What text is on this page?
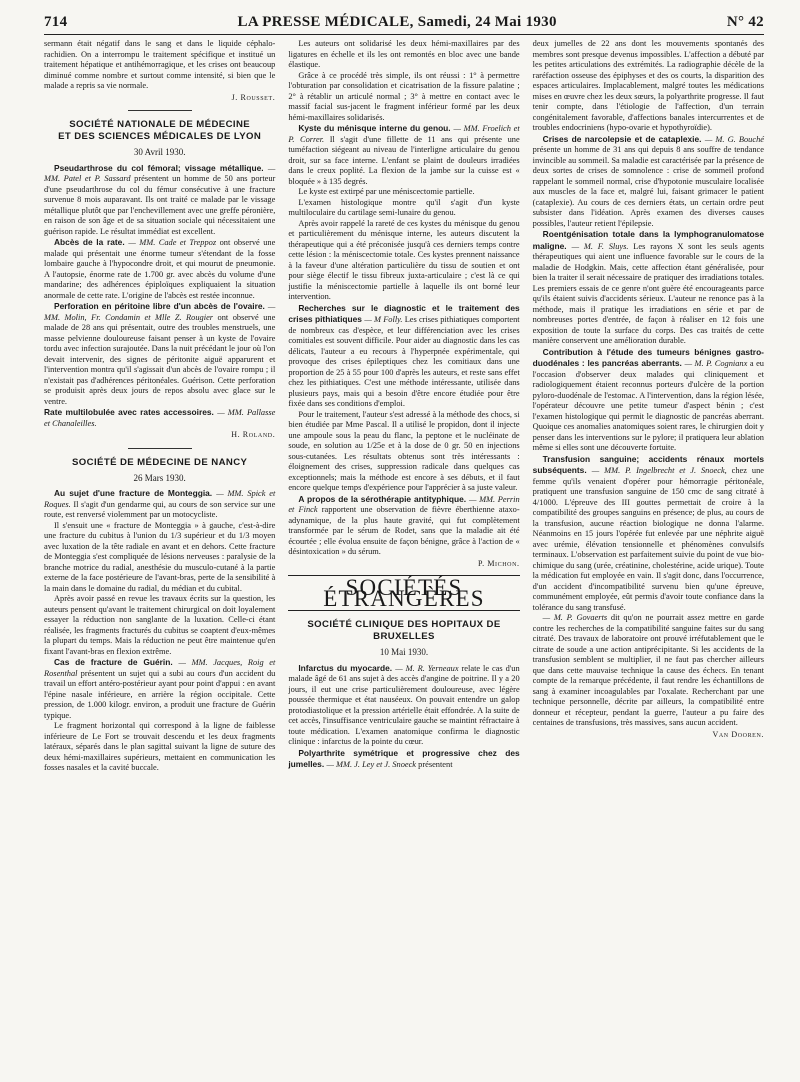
714	LA PRESSE MÉDICALE, Samedi, 24 Mai 1930	N° 42

sermann était négatif dans le sang et dans le liquide céphalo-rachidien. On a interrompu le traitement spécifique et institué un traitement hépatique et antihémorragique, et les crises ont beaucoup diminué comme nombre et surtout comme intensité, si bien que le malade a repris sa vie normale.

J. Rousset.
SOCIÉTÉ NATIONALE DE MÉDECINE
ET DES SCIENCES MÉDICALES DE LYON
30 Avril 1930.

Pseudarthrose du col fémoral; vissage métallique. — MM. Patel et P. Sassard présentent un homme de 50 ans porteur d'une pseudarthrose du col du fémur consécutive à une fracture survenue 8 mois auparavant. Ils ont traité ce malade par le vissage métallique plutôt que par l'enchevillement avec une greffe péronière, en raison de son âge et de sa situation sociale qui nécessitaient une guérison rapide. Le résultat immédiat est excellent.

Abcès de la rate. — MM. Cade et Treppoz ont observé une malade qui présentait une énorme tumeur s'étendant de la fosse lombaire gauche à l'hypocondre droit, et qui mourut de pneumonie. A l'autopsie, énorme rate de 1.700 gr. avec abcès du volume d'une mandarine; des adhérences épiploïques expliquaient la situation anormale de cette rate. L'origine de l'abcès est restée inconnue.

Perforation en péritoine libre d'un abcès de l'ovaire. — MM. Molin, Fr. Condamin et Mlle Z. Rougier ont observé une malade de 28 ans qui présentait, outre des troubles menstruels, une masse pelvienne douloureuse faisant penser à un kyste de l'ovaire tordu avec infection surajoutée. Dans la nuit précédant le jour où l'on devait intervenir, des signes de péritonite aiguë apparurent et l'intervention montra qu'il s'agissait d'un abcès de l'ovaire rompu ; il n'existait pas d'adhérences péritonéales. Guérison. Cette perforation se produisit après deux jours de repos absolu avec glace sur le ventre.

Rate multilobulée avec rates accessoires. — MM. Pallasse et Chanaleilles.

H. Roland.
SOCIÉTÉ DE MÉDECINE DE NANCY
26 Mars 1930.

Au sujet d'une fracture de Monteggia. — MM. Spick et Roques. Il s'agit d'un gendarme qui, au cours de son service sur une route, est renversé violemment par un motocycliste.

Il s'ensuit une « fracture de Monteggia » à gauche, c'est-à-dire une fracture du cubitus à l'union du 1/3 supérieur et du 1/3 moyen avec luxation de la tête radiale en avant et en dehors. Cette fracture de Monteggia s'est compliquée de lésions nerveuses : paralysie de la branche motrice du radial, anesthésie du musculo-cutané à la partie externe de la face postérieure de l'avant-bras, perte de la sensibilité à la main dans le domaine du radial, du médian et du cubital.

Après avoir passé en revue les travaux écrits sur la question, les auteurs pensent qu'avant le traitement chirurgical on doit loyalement essayer la réduction non sanglante de la luxation. Celle-ci étant réalisée, les fragments fracturés du cubitus se coaptent d'eux-mêmes la plupart du temps. Mais la réduction ne peut être maintenue qu'en fixant l'avant-bras en flexion extrême.

Cas de fracture de Guérin. — MM. Jacques, Roig et Rosenthal présentent un sujet qui a subi au cours d'un accident du travail un effort antéro-postérieur ayant pour point d'appui : en avant l'épine nasale inférieure, en arrière la région occipitale. Cette pression, de 1.000 kilogr. environ, a produit une fracture de Guérin typique.

Le fragment horizontal qui correspond à la ligne de faiblesse inférieure de Le Fort se trouvait descendu et les deux fragments latéraux, séparés dans le plan sagittal suivant la ligne de suture des deux hémi-maxillaires supérieurs, mettaient en communication les fosses nasales et la cavité buccale.

Les auteurs ont solidarisé les deux hémi-maxillaires par des ligatures en échelle et ils les ont remontés en bloc avec une bande élastique.

Grâce à ce procédé très simple, ils ont réussi : 1° à permettre l'obturation par consolidation et cicatrisation de la fissure palatine ; 2° à rétablir un articulé normal ; 3° à mettre en contact avec le massif facial sus-jacent le fragment inférieur formé par les deux hémi-maxillaires solidarisés.

Kyste du ménisque interne du genou. — MM. Froelich et P. Correr. Il s'agit d'une fillette de 11 ans qui présente une tuméfaction siégeant au niveau de l'interligne articulaire du genou droit, sur sa face interne. L'enfant se plaint de douleurs irradiées dans le creux poplité. La flexion de la jambe sur la cuisse est « bloquée » à 135 degrés.

Le kyste est extirpé par une méniscectomie partielle.

L'examen histologique montre qu'il s'agit d'un kyste multiloculaire du cartilage semi-lunaire du genou.

Après avoir rappelé la rareté de ces kystes du ménisque du genou et particulièrement du ménisque interne, les auteurs discutent la thérapeutique qui a été préconisée jusqu'à ces derniers temps contre cette lésion : la méniscectomie totale. Ces kystes prennent naissance à la faveur d'une altération particulière du tissu de soutien et ont pour siège électif le tissu fibreux juxta-articulaire ; c'est là ce qui justifie la méniscectomie partielle à laquelle ils ont borné leur intervention.

Recherches sur le diagnostic et le traitement des crises pithiatiques — M Folly. Les crises pithiatiques comportent de nombreux cas d'espèce, et leur différenciation avec les crises comitiales est souvent difficile. Pour aider au diagnostic dans les cas délicats, l'auteur a eu recours à l'hyperpnée expérimentale, qui provoque des crises épileptiques chez les comitiaux dans une proportion de 25 à 55 pour 100 d'après les auteurs, et reste sans effet chez les pithiatiques. C'est une méthode intéressante, utilisée dans plusieurs pays, mais qui a besoin d'être encore étudiée pour être fixée dans ses conditions d'emploi.

Pour le traitement, l'auteur s'est adressé à la méthode des chocs, si bien étudiée par Mme Pascal. Il a utilisé le propidon, dont il injecte une ampoule sous la peau du flanc, la peptone et le nucléinate de soude, en solution au 1/25e et à la dose de 0 gr. 50 en injections sous-cutanées. Les résultats obtenus sont très intéressants : éloignement des crises, suppression radicale dans quelques cas exceptionnels; mais la méthode est encore à ses débuts, et il faut encore quelque temps d'expérience pour l'apprécier à sa juste valeur.

A propos de la sérothérapie antityphique. — MM. Perrin et Finck rapportent une observation de fièvre éberthienne ataxo-adynamique, de la plus haute gravité, qui fut complètement transformée par le sérum de Rodet, sans que la maladie ait été écourtée ; elle évolua ensuite de façon bénigne, grâce à l'action de « désintoxication » du sérum.

P. Michon.
SOCIÉTÉS ÉTRANGÈRES
SOCIÉTÉ CLINIQUE DES HOPITAUX DE BRUXELLES
10 Mai 1930.

Infarctus du myocarde. — M. R. Yerneaux relate le cas d'un malade âgé de 61 ans sujet à des accès d'angine de poitrine. Il y a 20 jours, il eut une crise particulièrement douloureuse, avec légère poussée thermique et état nauséeux. On pouvait entendre un galop protodiastolique et la pression artérielle était effondrée. A la suite de cet accès, l'insuffisance ventriculaire gauche se maintint réfractaire à toute médication. L'examen anatomique confirma le diagnostic clinique : infarctus de la pointe du cœur.

Polyarthrite symétrique et progressive chez des jumelles. — MM. J. Ley et J. Snoeck présentent

deux jumelles de 22 ans dont les mouvements spontanés des membres sont presque devenus impossibles. L'affection a débuté par les petites articulations des extrémités. La radiographie décèle de la raréfaction osseuse des épiphyses et des os courts, la disparition des espaces articulaires. Implacablement, malgré toutes les médications mises en œuvre chez les deux sœurs, la polyarthrite progresse. Il faut tenir compte, dans l'étiologie de l'affection, d'un terrain congénitalement favorable, d'affections banales intercurrentes et de troubles endocriniens (hypo-ovarie et hypothyroïdie).

Crises de narcolepsie et de cataplexie. — M. G. Bouché présente un homme de 31 ans qui depuis 8 ans souffre de tendance invincible au sommeil. Sa maladie est caractérisée par la présence de deux sortes de crises de somnolence : crise de sommeil profond rappelant le sommeil normal, crise d'hypotonie musculaire localisée aux muscles de la face et, malgré lui, faisant grimacer le patient (cataplexie). Au cours de ces derniers états, un certain ordre peut subsister dans l'idéation. Après examen des diverses causes possibles, l'auteur retient l'épilepsie.

Roentgénisation totale dans la lymphogranulomatose maligne. — M. F. Sluys. Les rayons X sont les seuls agents thérapeutiques qui aient une influence favorable sur le cours de la maladie de Hodgkin. Mais, cette affection étant généralisée, pour bien la traiter il serait nécessaire de pratiquer des irradiations totales. Les premiers essais de ce genre n'ont guère été encourageants parce qu'ils étaient suivis d'accidents sérieux. L'auteur ne renonce pas à la méthode, mais il pratique les irradiations en série et par de nombreuses portes d'entrée, de façon à réaliser en 12 fois une exposition de toute la surface du corps. Des cas traités de cette manière conservent une amélioration durable.

Contribution à l'étude des tumeurs bénignes gastro-duodénales : les pancréas aberrants. — M. P. Cognianx a eu l'occasion d'observer deux malades qui cliniquement et radiologiquement étaient reconnus porteurs d'ulcère de la portion pyloro-duodénale de l'estomac. A l'intervention, dans la région lésée, l'opérateur découvre une petite tumeur d'aspect bénin ; c'est l'examen histologique qui permit le diagnostic de pancréas aberrant. Quoique ces anomalies anatomiques soient rares, le chirurgien doit y penser dans les interventions sur le pylore; il pratiquera leur ablation même si elles sont une découverte fortuite.

Transfusion sanguine; accidents rénaux mortels subséquents. — MM. P. Ingelbrecht et J. Snoeck, chez une femme qu'ils venaient d'opérer pour hémorragie péritonéale, pratiquent une transfusion sanguine de 150 cmc de sang citraté à 4/1000. L'épreuve des III gouttes permettait de croire à la compatibilité des groupes sanguins en présence; de plus, au cours de la transfusion, aucune réaction biologique ne donna l'alarme. Néanmoins en 15 jours l'opérée fut enlevée par une néphrite aiguë avec urémie, élévation tensionnelle et phénomènes convulsifs terminaux. L'observation est parfaitement suivie du point de vue bio-chimique du sang (urée, créatinine, cholestérine, acide urique). Toute la médication fut employée en vain. Il s'agit donc, dans l'occurrence, d'un accident d'incompatibilité survenu bien qu'une épreuve, communément employée, eût permis d'avoir toute confiance dans la tolérance du sang transfusé.

— M. P. Govaerts dit qu'on ne pourrait assez mettre en garde contre les recherches de la compatibilité sanguine faites sur du sang citraté. Des travaux de laboratoire ont prouvé irréfutablement que le citrate de soude a une action antiprécipitante. Si les accidents de la transfusion semblent se multiplier, il ne faut pas chercher ailleurs que dans cette mauvaise technique la cause des échecs. En tenant compte de la remarque précédente, il faut rendre les échantillons de sang à examiner incoagulables par l'oxalate. Recherchant par une technique personnelle, décrite par ailleurs, la compatibilité entre donneur et récepteur, pendant la guerre, l'auteur a pu faire des centaines de transfusions, très massives, sans aucun accident.

Van Dooren.
